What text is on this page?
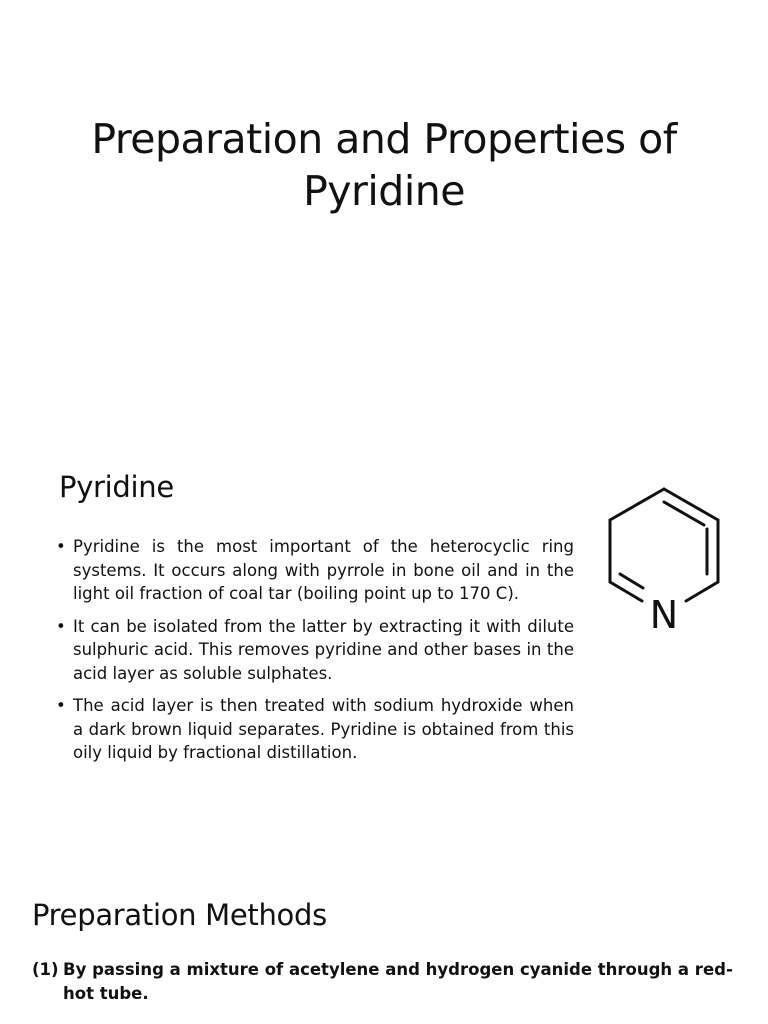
Preparation and Properties of Pyridine
Pyridine
• Pyridine is the most important of the heterocyclic ring systems. It occurs along with pyrrole in bone oil and in the light oil fraction of coal tar (boiling point up to 170 C).
• It can be isolated from the latter by extracting it with dilute sulphuric acid. This removes pyridine and other bases in the acid layer as soluble sulphates.
• The acid layer is then treated with sodium hydroxide when a dark brown liquid separates. Pyridine is obtained from this oily liquid by fractional distillation.
N
Preparation Methods

(1) By passing a mixture of acetylene and hydrogen cyanide through a red-hot tube.
